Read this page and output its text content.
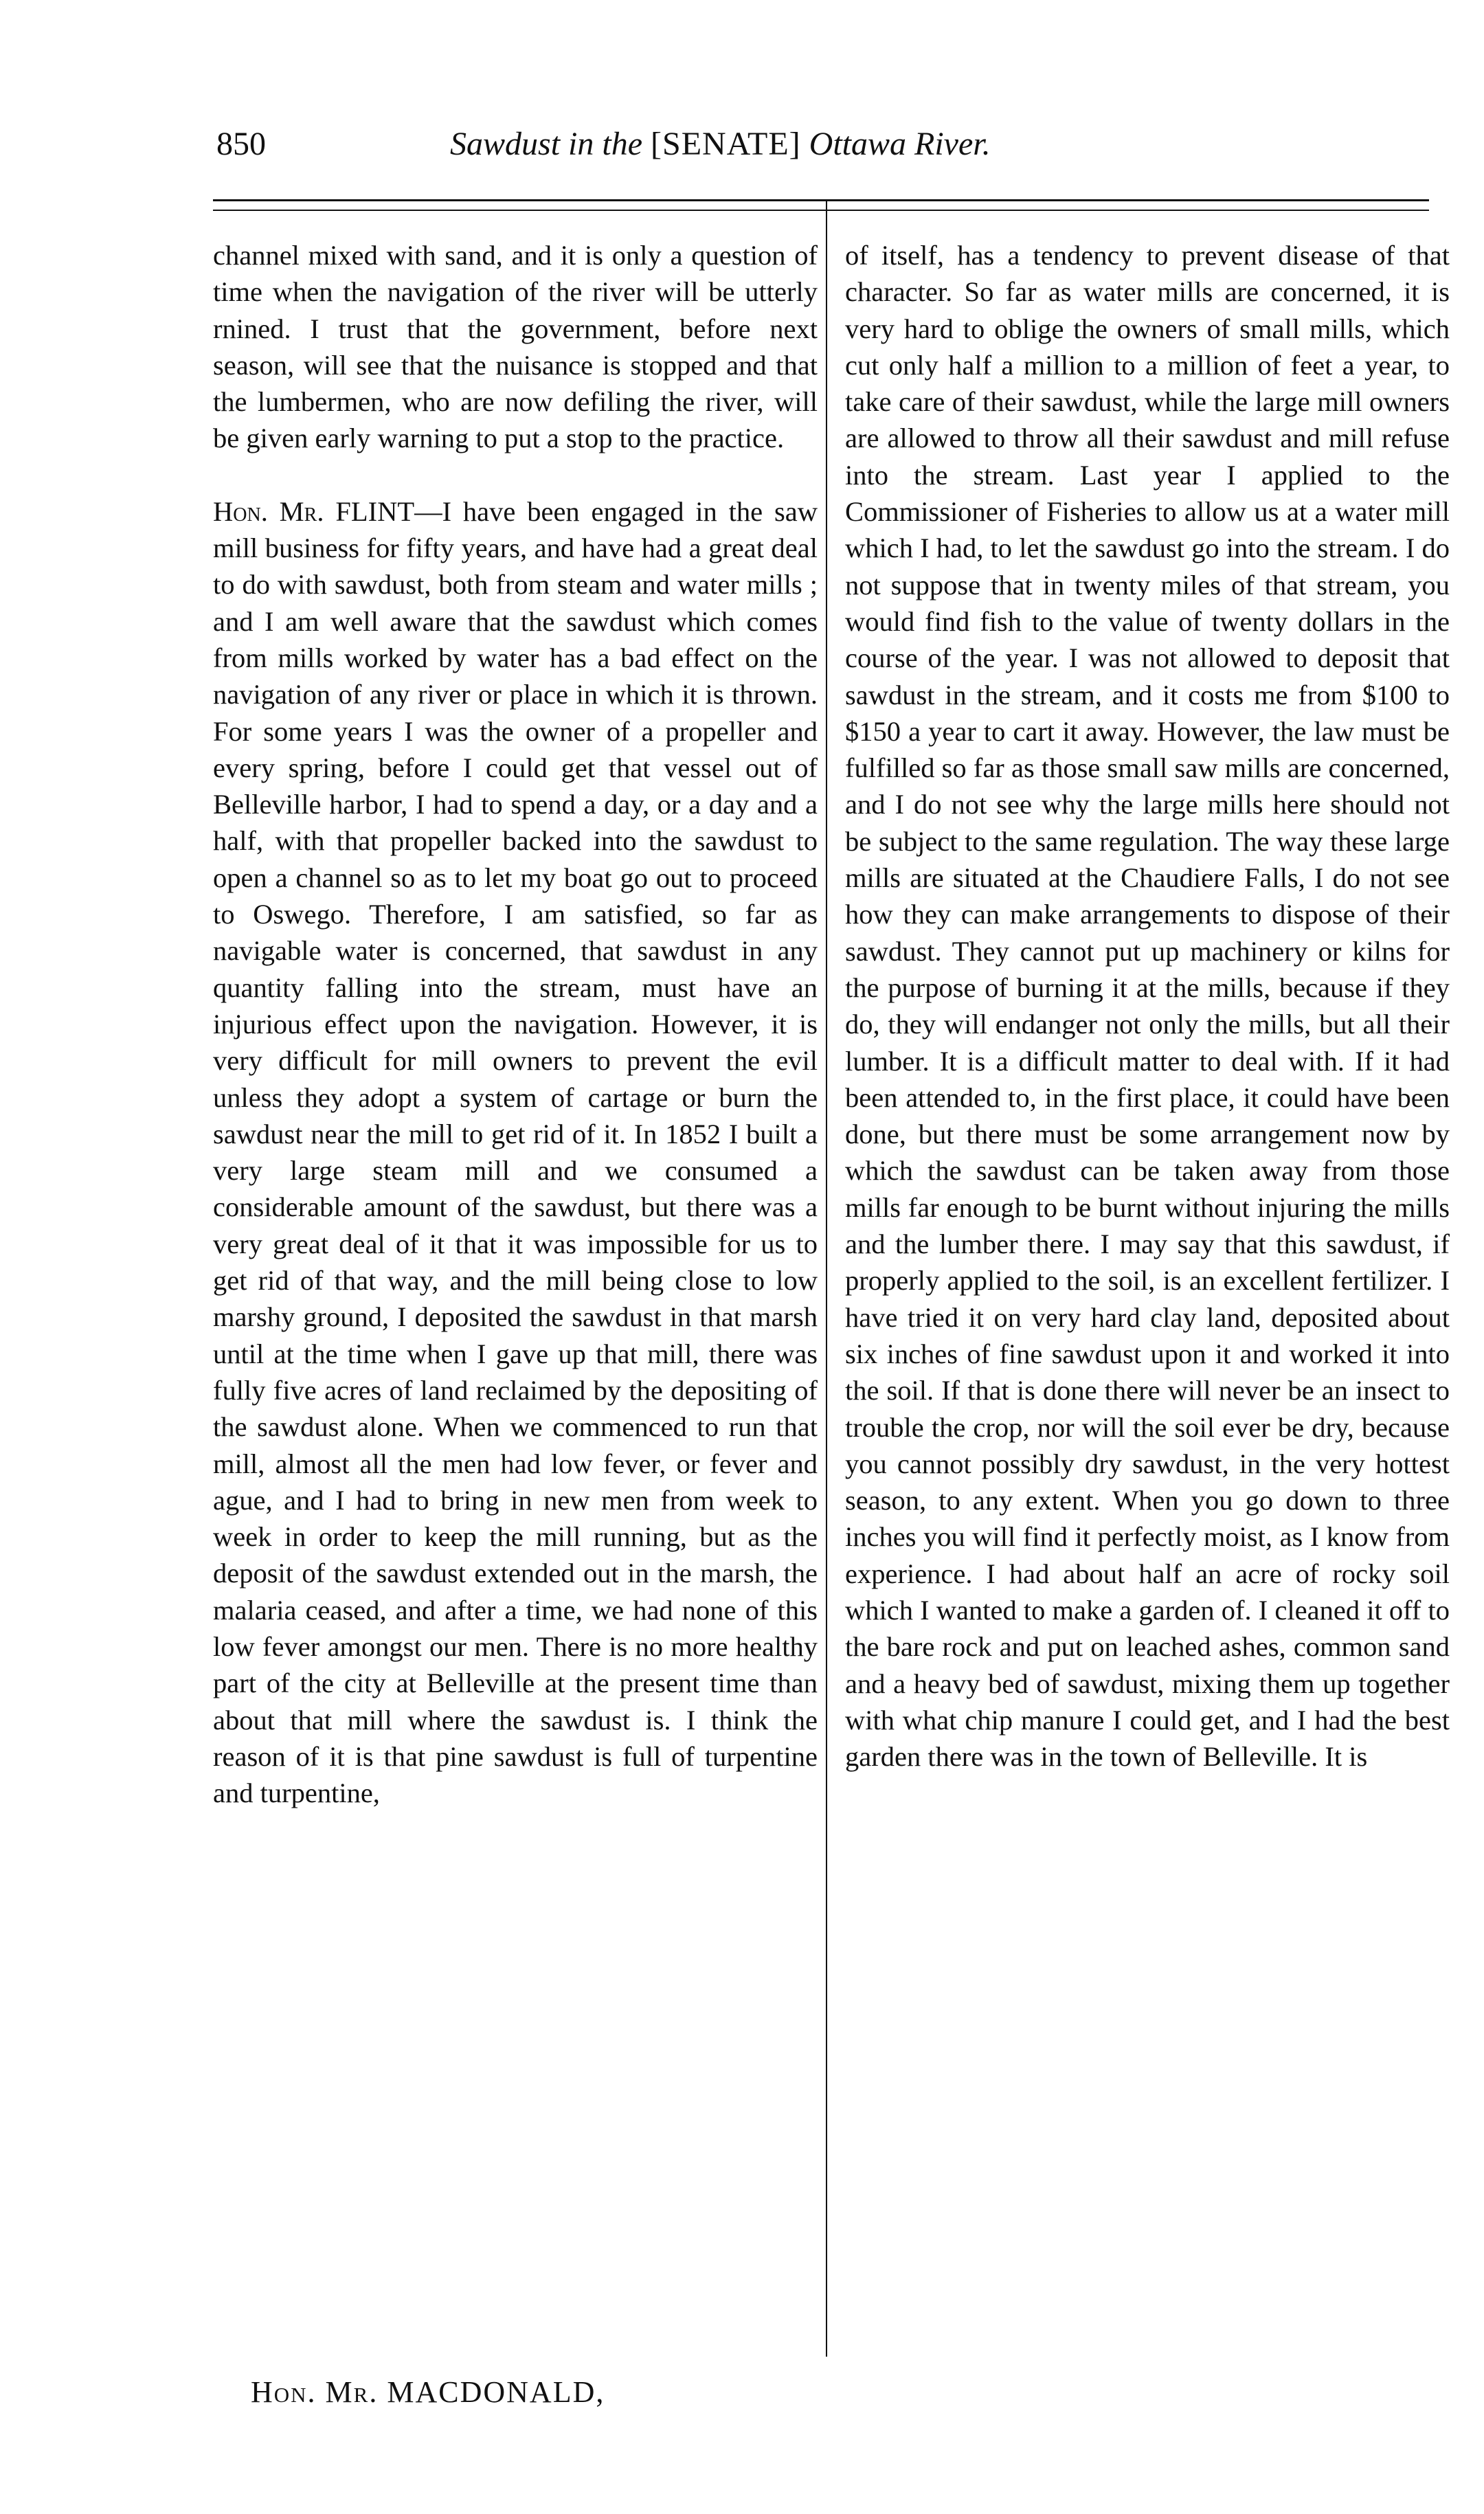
850	Sawdust in the [SENATE] Ottawa River.

channel mixed with sand, and it is only a question of time when the navigation of the river will be utterly rnined. I trust that the government, before next season, will see that the nuisance is stopped and that the lumbermen, who are now defiling the river, will be given early warning to put a stop to the practice.

Hon. Mr. FLINT—I have been engaged in the saw mill business for fifty years, and have had a great deal to do with sawdust, both from steam and water mills ; and I am well aware that the sawdust which comes from mills worked by water has a bad effect on the navigation of any river or place in which it is thrown. For some years I was the owner of a propeller and every spring, before I could get that vessel out of Belleville harbor, I had to spend a day, or a day and a half, with that propeller backed into the sawdust to open a channel so as to let my boat go out to proceed to Oswego. Therefore, I am satisfied, so far as navigable water is concerned, that sawdust in any quantity falling into the stream, must have an injurious effect upon the navigation. However, it is very difficult for mill owners to prevent the evil unless they adopt a system of cartage or burn the sawdust near the mill to get rid of it. In 1852 I built a very large steam mill and we consumed a considerable amount of the sawdust, but there was a very great deal of it that it was impossible for us to get rid of that way, and the mill being close to low marshy ground, I deposited the sawdust in that marsh until at the time when I gave up that mill, there was fully five acres of land reclaimed by the depositing of the sawdust alone. When we commenced to run that mill, almost all the men had low fever, or fever and ague, and I had to bring in new men from week to week in order to keep the mill running, but as the deposit of the sawdust extended out in the marsh, the malaria ceased, and after a time, we had none of this low fever amongst our men. There is no more healthy part of the city at Belleville at the present time than about that mill where the sawdust is. I think the reason of it is that pine sawdust is full of turpentine and turpentine,

of itself, has a tendency to prevent disease of that character. So far as water mills are concerned, it is very hard to oblige the owners of small mills, which cut only half a million to a million of feet a year, to take care of their sawdust, while the large mill owners are allowed to throw all their sawdust and mill refuse into the stream. Last year I applied to the Commissioner of Fisheries to allow us at a water mill which I had, to let the sawdust go into the stream. I do not suppose that in twenty miles of that stream, you would find fish to the value of twenty dollars in the course of the year. I was not allowed to deposit that sawdust in the stream, and it costs me from $100 to $150 a year to cart it away. However, the law must be fulfilled so far as those small saw mills are concerned, and I do not see why the large mills here should not be subject to the same regulation. The way these large mills are situated at the Chaudiere Falls, I do not see how they can make arrangements to dispose of their sawdust. They cannot put up machinery or kilns for the purpose of burning it at the mills, because if they do, they will endanger not only the mills, but all their lumber. It is a difficult matter to deal with. If it had been attended to, in the first place, it could have been done, but there must be some arrangement now by which the sawdust can be taken away from those mills far enough to be burnt without injuring the mills and the lumber there. I may say that this sawdust, if properly applied to the soil, is an excellent fertilizer. I have tried it on very hard clay land, deposited about six inches of fine sawdust upon it and worked it into the soil. If that is done there will never be an insect to trouble the crop, nor will the soil ever be dry, because you cannot possibly dry sawdust, in the very hottest season, to any extent. When you go down to three inches you will find it perfectly moist, as I know from experience. I had about half an acre of rocky soil which I wanted to make a garden of. I cleaned it off to the bare rock and put on leached ashes, common sand and a heavy bed of sawdust, mixing them up together with what chip manure I could get, and I had the best garden there was in the town of Belleville. It is

Hon. Mr. MACDONALD,
